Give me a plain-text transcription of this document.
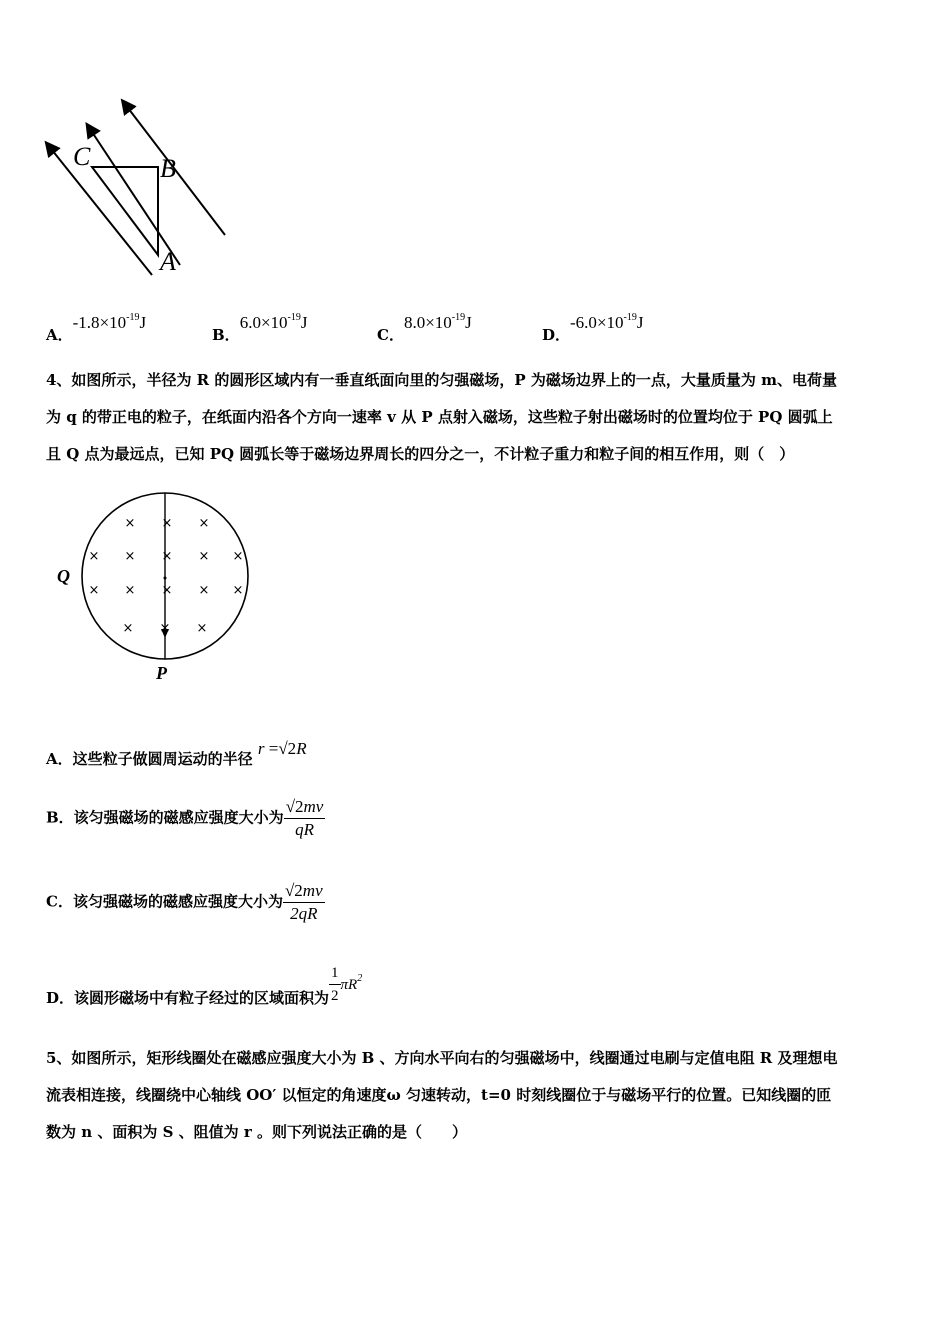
C	B
A
A．$-1.8\times 10^{-19}J$
B．$6.0\times 10^{-19}J$
C．$8.0\times 10^{-19}J$
D．$-6.0\times 10^{-19}J$
4、如图所示，半径为 R 的圆形区域内有一垂直纸面向里的匀强磁场，P 为磁场边界上的一点，大量质量为 m、电荷量
为 q 的带正电的粒子，在纸面内沿各个方向一速率 v 从 P 点射入磁场，这些粒子射出磁场时的位置均位于 PQ 圆弧上
且 Q 点为最远点，已知 PQ 圆弧长等于磁场边界周长的四分之一，不计粒子重力和粒子间的相互作用，则（　）
× × ×
× × × × ×
× × × × ×
× × ×
Q
P
A．这些粒子做圆周运动的半径 r =√2R
B．该匀强磁场的磁感应强度大小为 $\frac{√2mv}{qR}$
C．该匀强磁场的磁感应强度大小为 $\frac{√2mv}{2qR}$
D．该圆形磁场中有粒子经过的区域面积为 $\frac{1}{2} \pi R^2$
5、如图所示，矩形线圈处在磁感应强度大小为 B 、方向水平向右的匀强磁场中，线圈通过电刷与定值电阻 R 及理想电
流表相连接，线圈绕中心轴线 OO′ 以恒定的角速度ω 匀速转动，t=0 时刻线圈位于与磁场平行的位置。已知线圈的匝
数为 n 、面积为 S 、阻值为 r 。则下列说法正确的是（　　）
